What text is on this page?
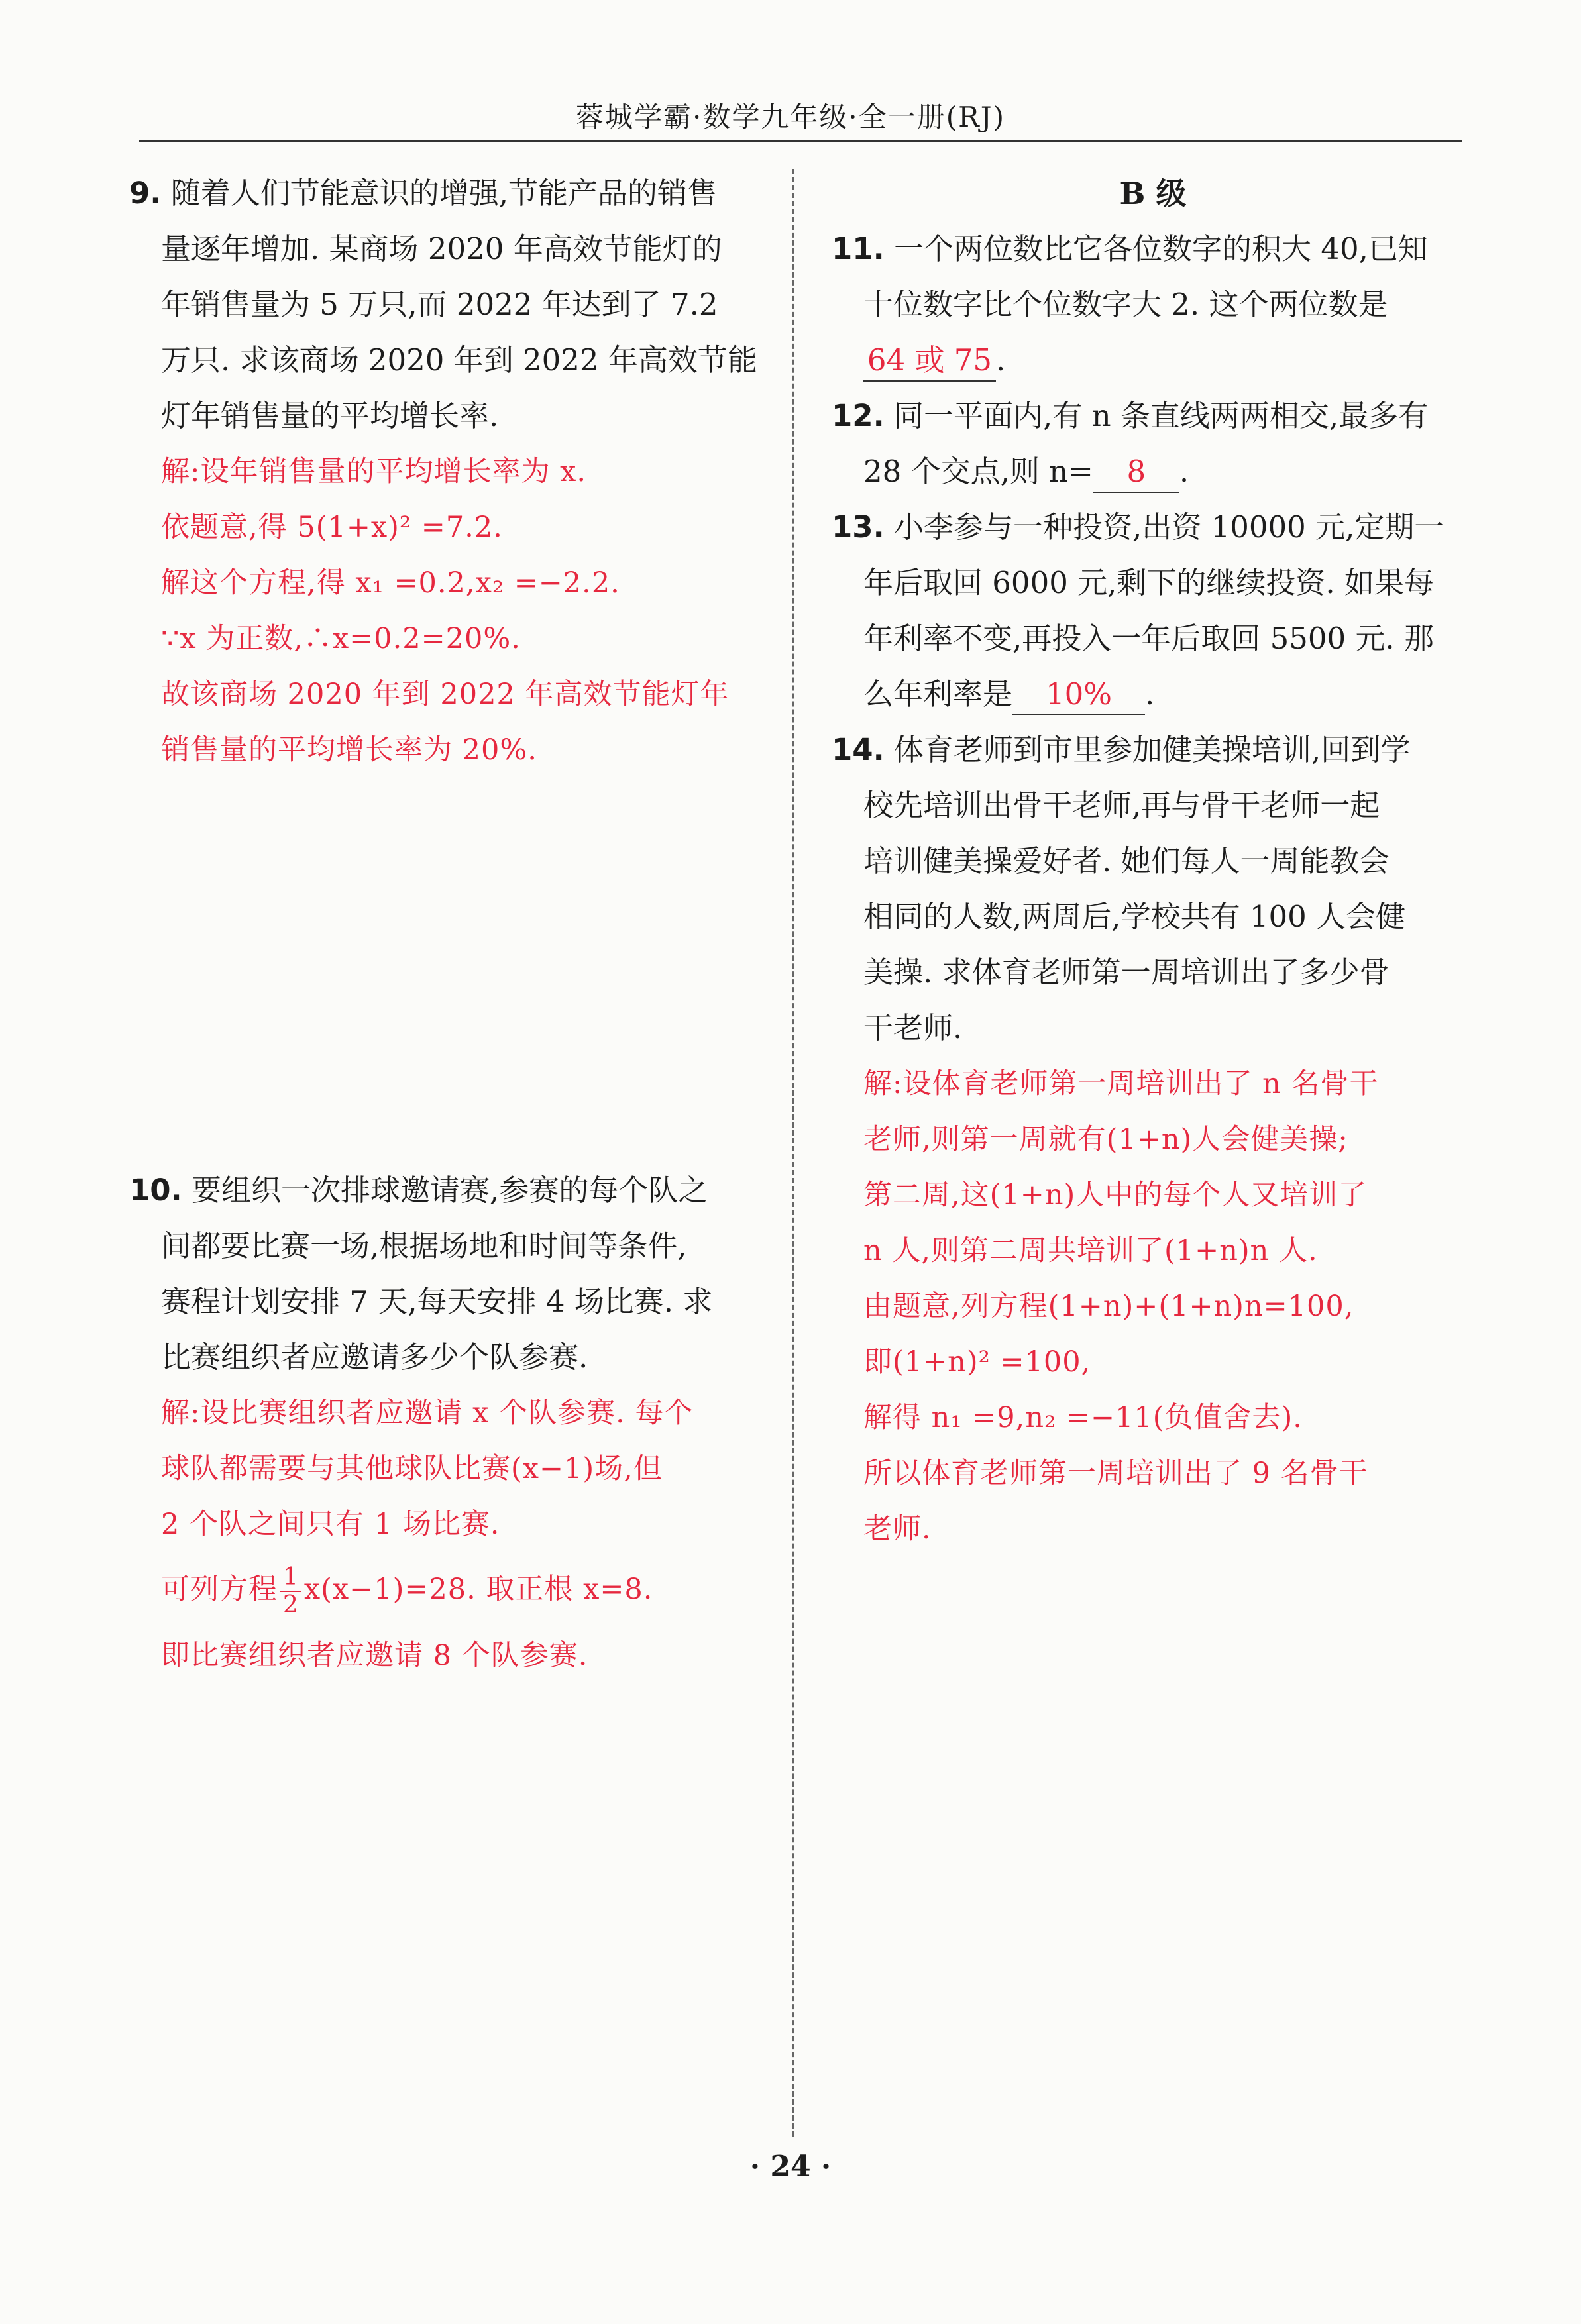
蓉城学霸·数学九年级·全一册(RJ)

9. 随着人们节能意识的增强,节能产品的销售

量逐年增加. 某商场 2020 年高效节能灯的

年销售量为 5 万只,而 2022 年达到了 7.2

万只. 求该商场 2020 年到 2022 年高效节能

灯年销售量的平均增长率.

解:设年销售量的平均增长率为 x.

依题意,得 5(1+x)² =7.2.

解这个方程,得 x₁ =0.2,x₂ =−2.2.

∵x 为正数,∴x=0.2=20%.

故该商场 2020 年到 2022 年高效节能灯年

销售量的平均增长率为 20%.

10. 要组织一次排球邀请赛,参赛的每个队之

间都要比赛一场,根据场地和时间等条件,

赛程计划安排 7 天,每天安排 4 场比赛. 求

比赛组织者应邀请多少个队参赛.

解:设比赛组织者应邀请 x 个队参赛. 每个

球队都需要与其他球队比赛(x−1)场,但

2 个队之间只有 1 场比赛.

可列方程 $\frac{1}{2} x(x-1)=28$. 取正根 x=8.

即比赛组织者应邀请 8 个队参赛.

B 级

11. 一个两位数比它各位数字的积大 40,已知

十位数字比个位数字大 2. 这个两位数是

64 或 75 .

12. 同一平面内,有 n 条直线两两相交,最多有

28 个交点,则 n= 8 .

13. 小李参与一种投资,出资 10000 元,定期一

年后取回 6000 元,剩下的继续投资. 如果每

年利率不变,再投入一年后取回 5500 元. 那

么年利率是 10% .

14. 体育老师到市里参加健美操培训,回到学

校先培训出骨干老师,再与骨干老师一起

培训健美操爱好者. 她们每人一周能教会

相同的人数,两周后,学校共有 100 人会健

美操. 求体育老师第一周培训出了多少骨

干老师.

解:设体育老师第一周培训出了 n 名骨干

老师,则第一周就有(1+n)人会健美操;

第二周,这(1+n)人中的每个人又培训了

n 人,则第二周共培训了(1+n)n 人.

由题意,列方程(1+n)+(1+n)n=100,

即(1+n)² =100,

解得 n₁ =9,n₂ =−11(负值舍去).

所以体育老师第一周培训出了 9 名骨干

老师.

· 24 ·
